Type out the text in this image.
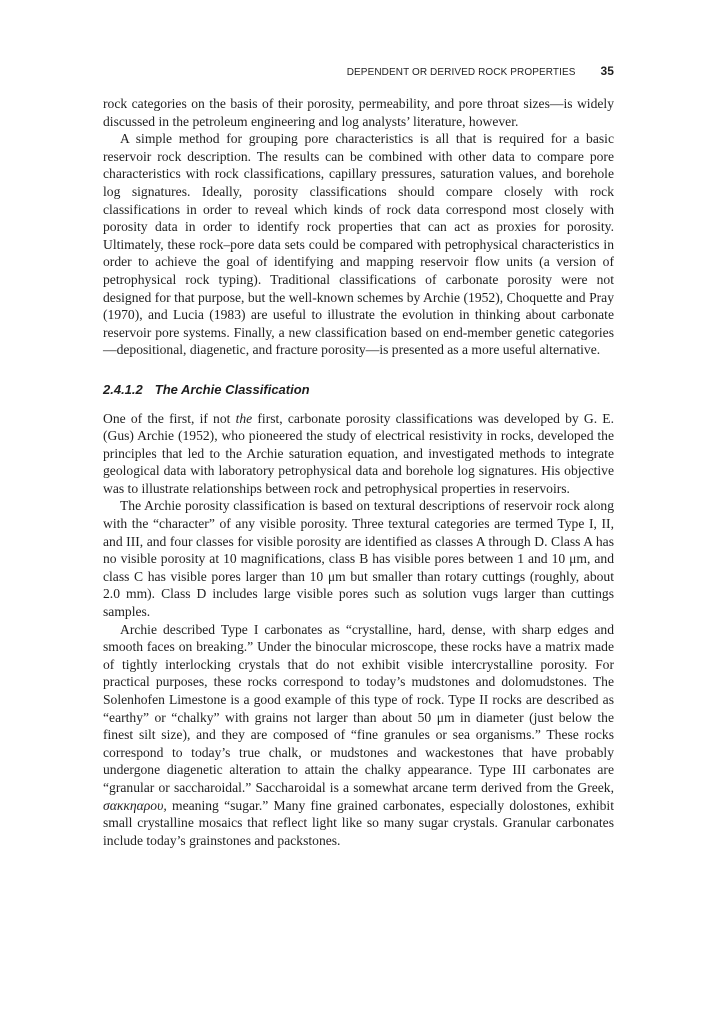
DEPENDENT OR DERIVED ROCK PROPERTIES 35

rock categories on the basis of their porosity, permeability, and pore throat sizes—is widely discussed in the petroleum engineering and log analysts’ literature, however.

A simple method for grouping pore characteristics is all that is required for a basic reservoir rock description. The results can be combined with other data to compare pore characteristics with rock classifications, capillary pressures, saturation values, and borehole log signatures. Ideally, porosity classifications should compare closely with rock classifications in order to reveal which kinds of rock data correspond most closely with porosity data in order to identify rock properties that can act as proxies for porosity. Ultimately, these rock–pore data sets could be compared with petrophysical characteristics in order to achieve the goal of identifying and mapping reservoir flow units (a version of petrophysical rock typing). Traditional classifications of carbonate porosity were not designed for that purpose, but the well-known schemes by Archie (1952), Choquette and Pray (1970), and Lucia (1983) are useful to illustrate the evolution in thinking about carbonate reservoir pore systems. Finally, a new classification based on end-member genetic categories—depositional, diagenetic, and fracture porosity—is presented as a more useful alternative.

2.4.1.2 The Archie Classification

One of the first, if not the first, carbonate porosity classifications was developed by G. E. (Gus) Archie (1952), who pioneered the study of electrical resistivity in rocks, developed the principles that led to the Archie saturation equation, and investigated methods to integrate geological data with laboratory petrophysical data and borehole log signatures. His objective was to illustrate relationships between rock and petrophysical properties in reservoirs.

The Archie porosity classification is based on textural descriptions of reservoir rock along with the “character” of any visible porosity. Three textural categories are termed Type I, II, and III, and four classes for visible porosity are identified as classes A through D. Class A has no visible porosity at 10 magnifications, class B has visible pores between 1 and 10 μm, and class C has visible pores larger than 10 μm but smaller than rotary cuttings (roughly, about 2.0 mm). Class D includes large visible pores such as solution vugs larger than cuttings samples.

Archie described Type I carbonates as “crystalline, hard, dense, with sharp edges and smooth faces on breaking.” Under the binocular microscope, these rocks have a matrix made of tightly interlocking crystals that do not exhibit visible intercrystalline porosity. For practical purposes, these rocks correspond to today’s mudstones and dolomudstones. The Solenhofen Limestone is a good example of this type of rock. Type II rocks are described as “earthy” or “chalky” with grains not larger than about 50 μm in diameter (just below the finest silt size), and they are composed of “fine granules or sea organisms.” These rocks correspond to today’s true chalk, or mudstones and wackestones that have probably undergone diagenetic alteration to attain the chalky appearance. Type III carbonates are “granular or saccharoidal.” Saccharoidal is a somewhat arcane term derived from the Greek, σακκηαρου, meaning “sugar.” Many fine grained carbonates, especially dolostones, exhibit small crystalline mosaics that reflect light like so many sugar crystals. Granular carbonates include today’s grainstones and packstones.
